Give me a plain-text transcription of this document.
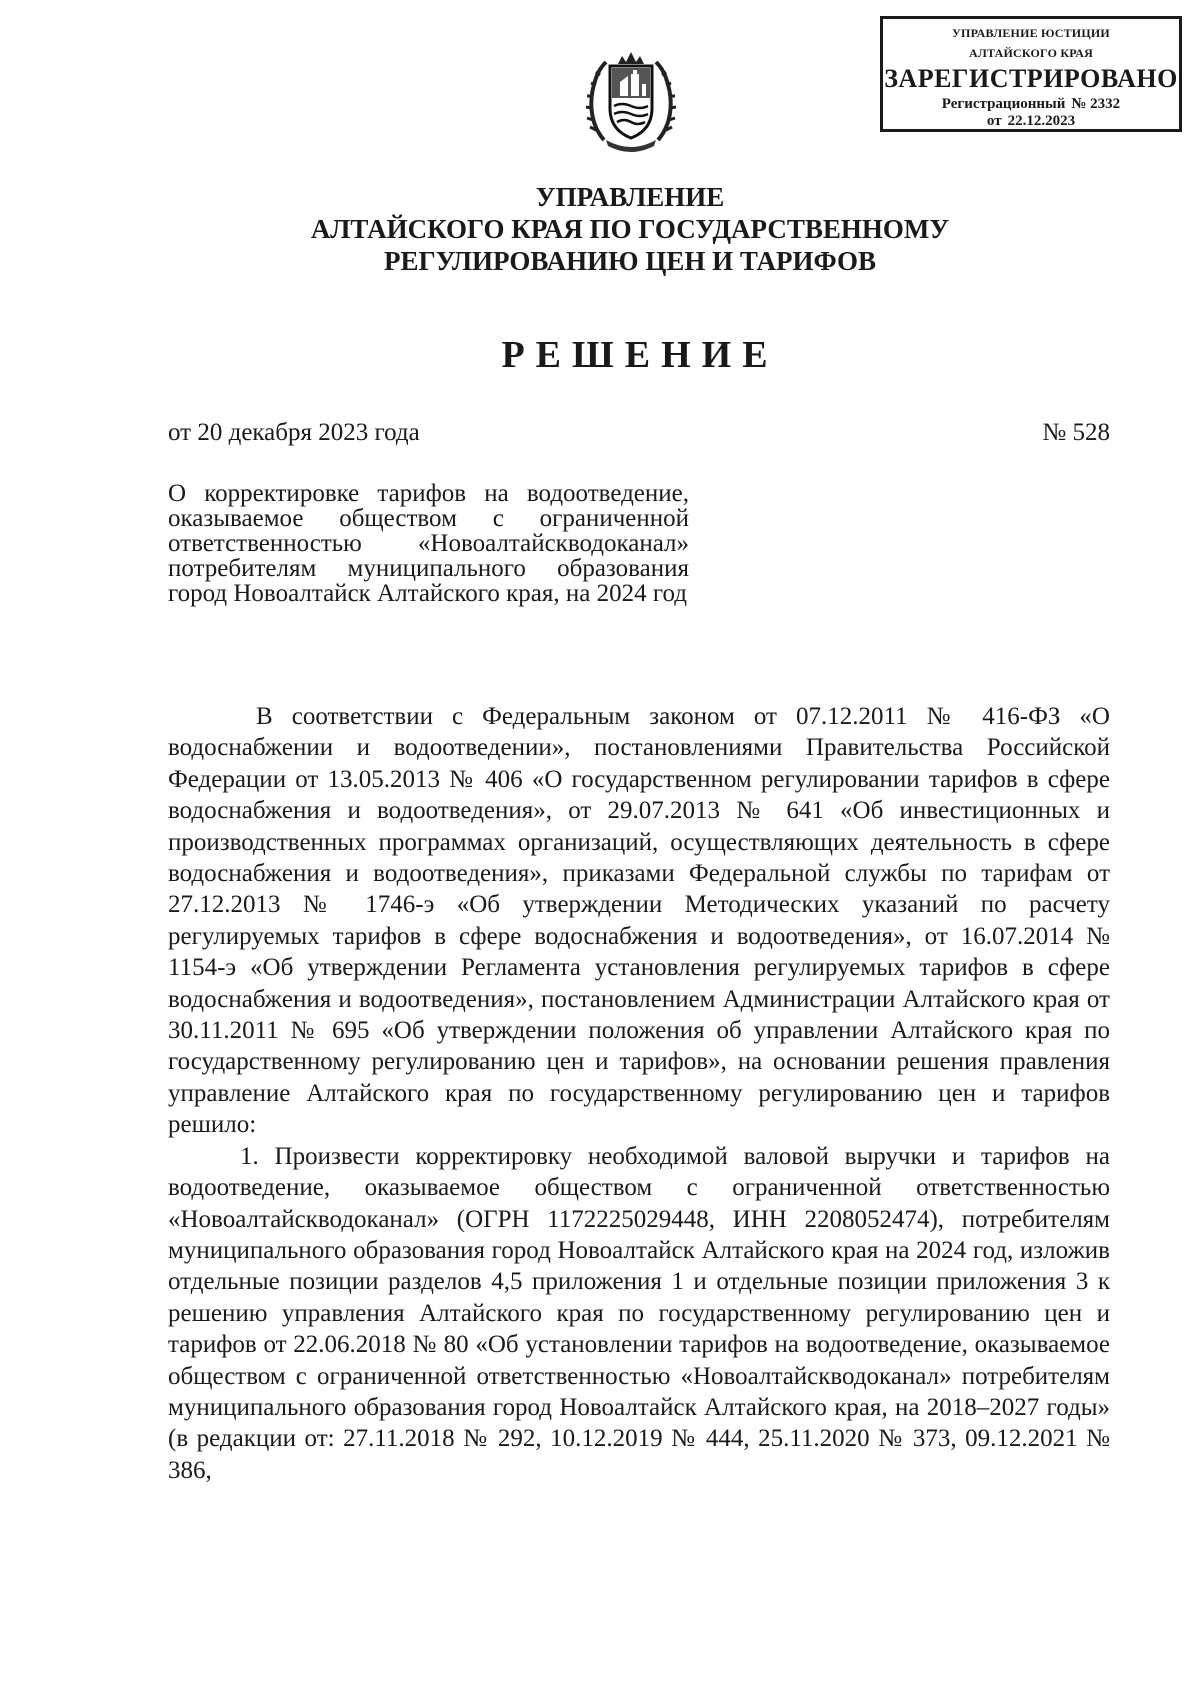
УПРАВЛЕНИЕ ЮСТИЦИИ
АЛТАЙСКОГО КРАЯ
ЗАРЕГИСТРИРОВАНО
Регистрационный № 2332
от 22.12.2023
УПРАВЛЕНИЕ
АЛТАЙСКОГО КРАЯ ПО ГОСУДАРСТВЕННОМУ
РЕГУЛИРОВАНИЮ ЦЕН И ТАРИФОВ
РЕШЕНИЕ
от 20 декабря 2023 года	№ 528
О корректировке тарифов на водоотведение, оказываемое обществом с ограниченной ответственностью «Новоалтайскводоканал» потребителям муниципального образования город Новоалтайск Алтайского края, на 2024 год

В соответствии с Федеральным законом от 07.12.2011 № 416-ФЗ «О водоснабжении и водоотведении», постановлениями Правительства Российской Федерации от 13.05.2013 № 406 «О государственном регулировании тарифов в сфере водоснабжения и водоотведения», от 29.07.2013 № 641 «Об инвестиционных и производственных программах организаций, осуществляющих деятельность в сфере водоснабжения и водоотведения», приказами Федеральной службы по тарифам от 27.12.2013 № 1746-э «Об утверждении Методических указаний по расчету регулируемых тарифов в сфере водоснабжения и водоотведения», от 16.07.2014 № 1154-э «Об утверждении Регламента установления регулируемых тарифов в сфере водоснабжения и водоотведения», постановлением Администрации Алтайского края от 30.11.2011 № 695 «Об утверждении положения об управлении Алтайского края по государственному регулированию цен и тарифов», на основании решения правления управление Алтайского края по государственному регулированию цен и тарифов решило:

1. Произвести корректировку необходимой валовой выручки и тарифов на водоотведение, оказываемое обществом с ограниченной ответственностью «Новоалтайскводоканал» (ОГРН 1172225029448, ИНН 2208052474), потребителям муниципального образования город Новоалтайск Алтайского края на 2024 год, изложив отдельные позиции разделов 4,5 приложения 1 и отдельные позиции приложения 3 к решению управления Алтайского края по государственному регулированию цен и тарифов от 22.06.2018 № 80 «Об установлении тарифов на водоотведение, оказываемое обществом с ограниченной ответственностью «Новоалтайскводоканал» потребителям муниципального образования город Новоалтайск Алтайского края, на 2018–2027 годы» (в редакции от: 27.11.2018 № 292, 10.12.2019 № 444, 25.11.2020 № 373, 09.12.2021 № 386,
